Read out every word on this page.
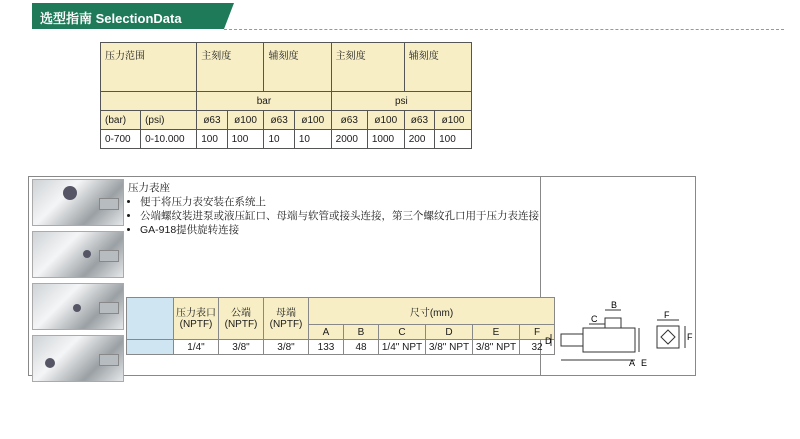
选型指南 SelectionData
压力范围		主刻度		辅刻度		主刻度		辅刻度	
		bar				psi			
(bar)	(psi)	ø63	ø100	ø63	ø100	ø63	ø100	ø63	ø100
0-700	0-10.000	100	100	10	10	2000	1000	200	100
压力表座
• 便于将压力表安装在系统上
• 公端螺纹装进泵或液压缸口、母端与软管或接头连接，第三个螺纹孔口用于压力表连接
• GA-918提供旋转连接
	压力表口
(NPTF)	公端
(NPTF)	母端
(NPTF)	尺寸(mm)					
				A	B	C	D	E	F
	1/4"	3/8"	3/8"	133	48	1/4" NPT	3/8" NPT	3/8" NPT	32
A
B
C
D
E
F
F
